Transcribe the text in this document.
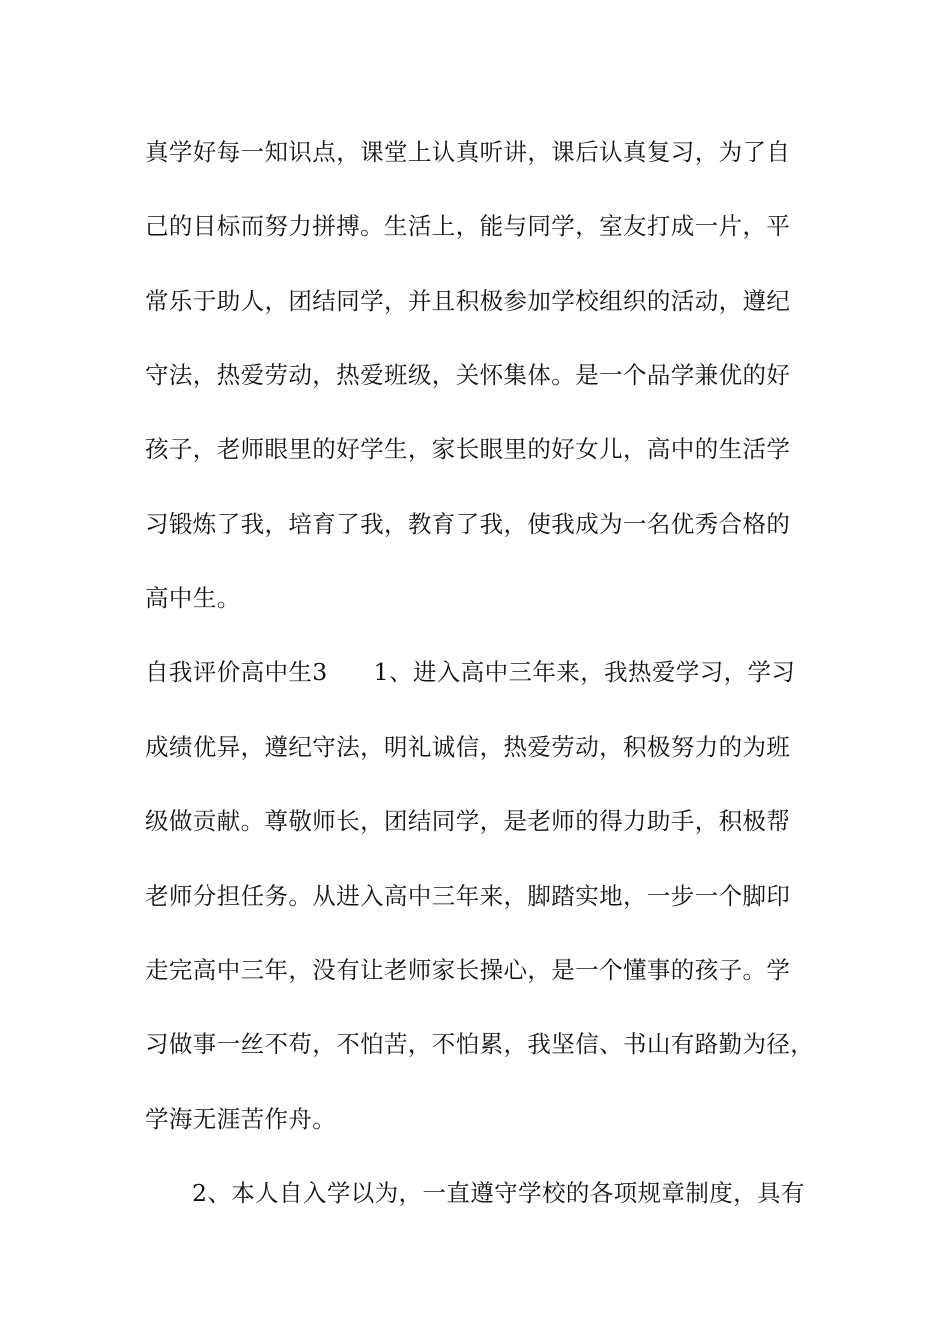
真学好每一知识点，课堂上认真听讲，课后认真复习，为了自
己的目标而努力拼搏。生活上，能与同学，室友打成一片，平
常乐于助人，团结同学，并且积极参加学校组织的活动，遵纪
守法，热爱劳动，热爱班级，关怀集体。是一个品学兼优的好
孩子，老师眼里的好学生，家长眼里的好女儿，高中的生活学
习锻炼了我，培育了我，教育了我，使我成为一名优秀合格的
高中生。
自我评价高中生3 1、进入高中三年来，我热爱学习，学习
成绩优异，遵纪守法，明礼诚信，热爱劳动，积极努力的为班
级做贡献。尊敬师长，团结同学，是老师的得力助手，积极帮
老师分担任务。从进入高中三年来，脚踏实地，一步一个脚印
走完高中三年，没有让老师家长操心，是一个懂事的孩子。学
习做事一丝不苟，不怕苦，不怕累，我坚信、书山有路勤为径，
学海无涯苦作舟。
2、本人自入学以为，一直遵守学校的各项规章制度，具有
